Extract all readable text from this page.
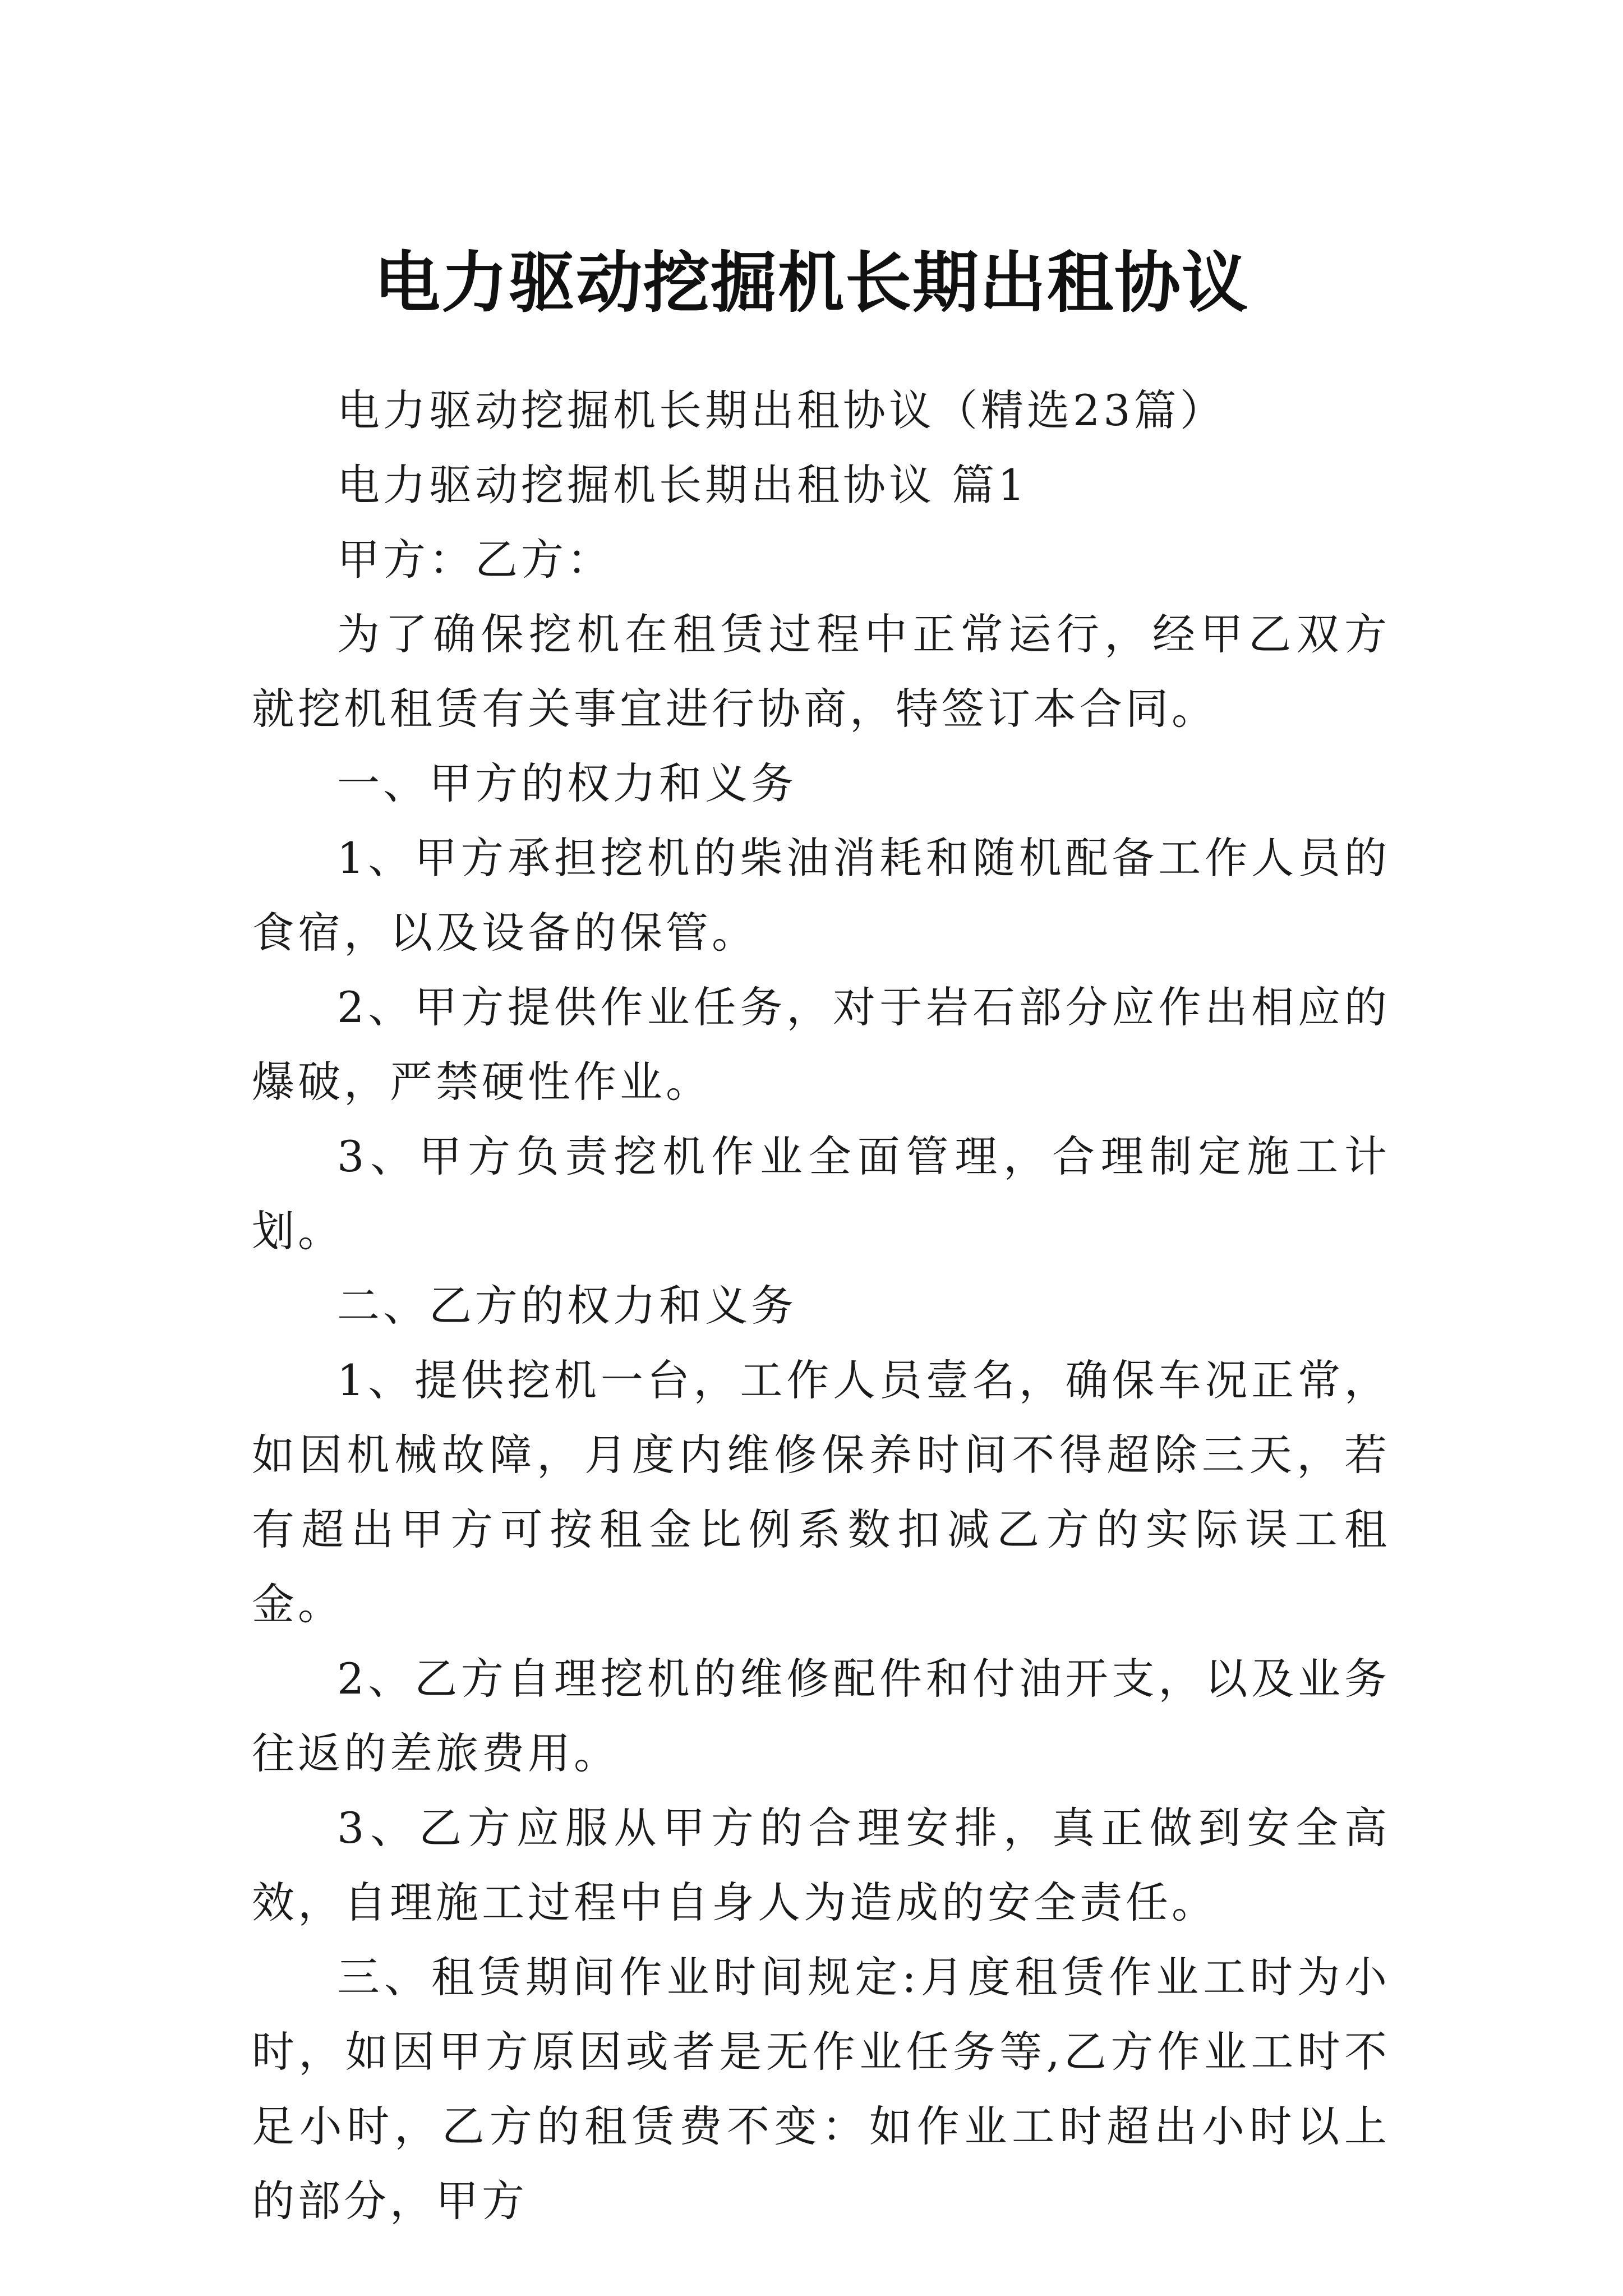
电力驱动挖掘机长期出租协议

电力驱动挖掘机长期出租协议（精选23篇）

电力驱动挖掘机长期出租协议 篇1

甲方：乙方：

为了确保挖机在租赁过程中正常运行，经甲乙双方就挖机租赁有关事宜进行协商，特签订本合同。

一、甲方的权力和义务

1、甲方承担挖机的柴油消耗和随机配备工作人员的食宿，以及设备的保管。

2、甲方提供作业任务，对于岩石部分应作出相应的爆破，严禁硬性作业。

3、甲方负责挖机作业全面管理，合理制定施工计划。

二、乙方的权力和义务

1、提供挖机一台，工作人员壹名，确保车况正常，如因机械故障，月度内维修保养时间不得超除三天，若有超出甲方可按租金比例系数扣减乙方的实际误工租金。

2、乙方自理挖机的维修配件和付油开支，以及业务往返的差旅费用。

3、乙方应服从甲方的合理安排，真正做到安全高效，自理施工过程中自身人为造成的安全责任。

三、租赁期间作业时间规定:月度租赁作业工时为小时，如因甲方原因或者是无作业任务等,乙方作业工时不足小时，乙方的租赁费不变：如作业工时超出小时以上的部分，甲方
